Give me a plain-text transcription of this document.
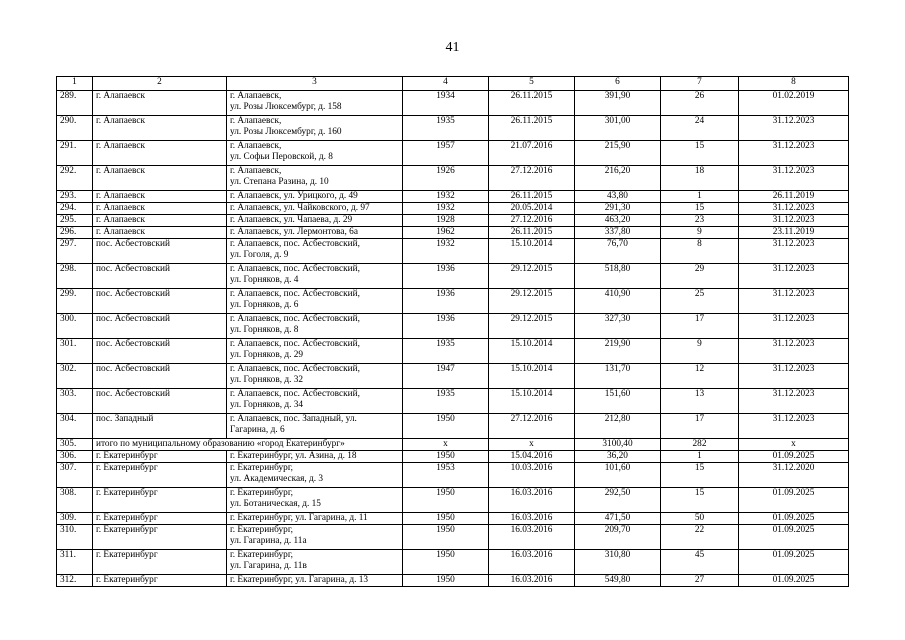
41
1	2	3	4	5	6	7	8
289.	г. Алапаевск	г. Алапаевск,
ул. Розы Люксембург, д. 158	1934	26.11.2015	391,90	26	01.02.2019
290.	г. Алапаевск	г. Алапаевск,
ул. Розы Люксембург, д. 160	1935	26.11.2015	301,00	24	31.12.2023
291.	г. Алапаевск	г. Алапаевск,
ул. Софьи Перовской, д. 8	1957	21.07.2016	215,90	15	31.12.2023
292.	г. Алапаевск	г. Алапаевск,
ул. Степана Разина, д. 10	1926	27.12.2016	216,20	18	31.12.2023
293.	г. Алапаевск	г. Алапаевск, ул. Урицкого, д. 49	1932	26.11.2015	43,80	1	26.11.2019
294.	г. Алапаевск	г. Алапаевск, ул. Чайковского, д. 97	1932	20.05.2014	291,30	15	31.12.2023
295.	г. Алапаевск	г. Алапаевск, ул. Чапаева, д. 29	1928	27.12.2016	463,20	23	31.12.2023
296.	г. Алапаевск	г. Алапаевск, ул. Лермонтова, 6а	1962	26.11.2015	337,80	9	23.11.2019
297.	пос. Асбестовский	г. Алапаевск, пос. Асбестовский,
ул. Гоголя, д. 9	1932	15.10.2014	76,70	8	31.12.2023
298.	пос. Асбестовский	г. Алапаевск, пос. Асбестовский,
ул. Горняков, д. 4	1936	29.12.2015	518,80	29	31.12.2023
299.	пос. Асбестовский	г. Алапаевск, пос. Асбестовский,
ул. Горняков, д. 6	1936	29.12.2015	410,90	25	31.12.2023
300.	пос. Асбестовский	г. Алапаевск, пос. Асбестовский,
ул. Горняков, д. 8	1936	29.12.2015	327,30	17	31.12.2023
301.	пос. Асбестовский	г. Алапаевск, пос. Асбестовский,
ул. Горняков, д. 29	1935	15.10.2014	219,90	9	31.12.2023
302.	пос. Асбестовский	г. Алапаевск, пос. Асбестовский,
ул. Горняков, д. 32	1947	15.10.2014	131,70	12	31.12.2023
303.	пос. Асбестовский	г. Алапаевск, пос. Асбестовский,
ул. Горняков, д. 34	1935	15.10.2014	151,60	13	31.12.2023
304.	пос. Западный	г. Алапаевск, пос. Западный, ул.
Гагарина, д. 6	1950	27.12.2016	212,80	17	31.12.2023
305.	итого по муниципальному образованию «город Екатеринбург»		x	x	3100,40	282	x
306.	г. Екатеринбург	г. Екатеринбург, ул. Азина, д. 18	1950	15.04.2016	36,20	1	01.09.2025
307.	г. Екатеринбург	г. Екатеринбург,
ул. Академическая, д. 3	1953	10.03.2016	101,60	15	31.12.2020
308.	г. Екатеринбург	г. Екатеринбург,
ул. Ботаническая, д. 15	1950	16.03.2016	292,50	15	01.09.2025
309.	г. Екатеринбург	г. Екатеринбург, ул. Гагарина, д. 11	1950	16.03.2016	471,50	50	01.09.2025
310.	г. Екатеринбург	г. Екатеринбург,
ул. Гагарина, д. 11а	1950	16.03.2016	209,70	22	01.09.2025
311.	г. Екатеринбург	г. Екатеринбург,
ул. Гагарина, д. 11в	1950	16.03.2016	310,80	45	01.09.2025
312.	г. Екатеринбург	г. Екатеринбург, ул. Гагарина, д. 13	1950	16.03.2016	549,80	27	01.09.2025
